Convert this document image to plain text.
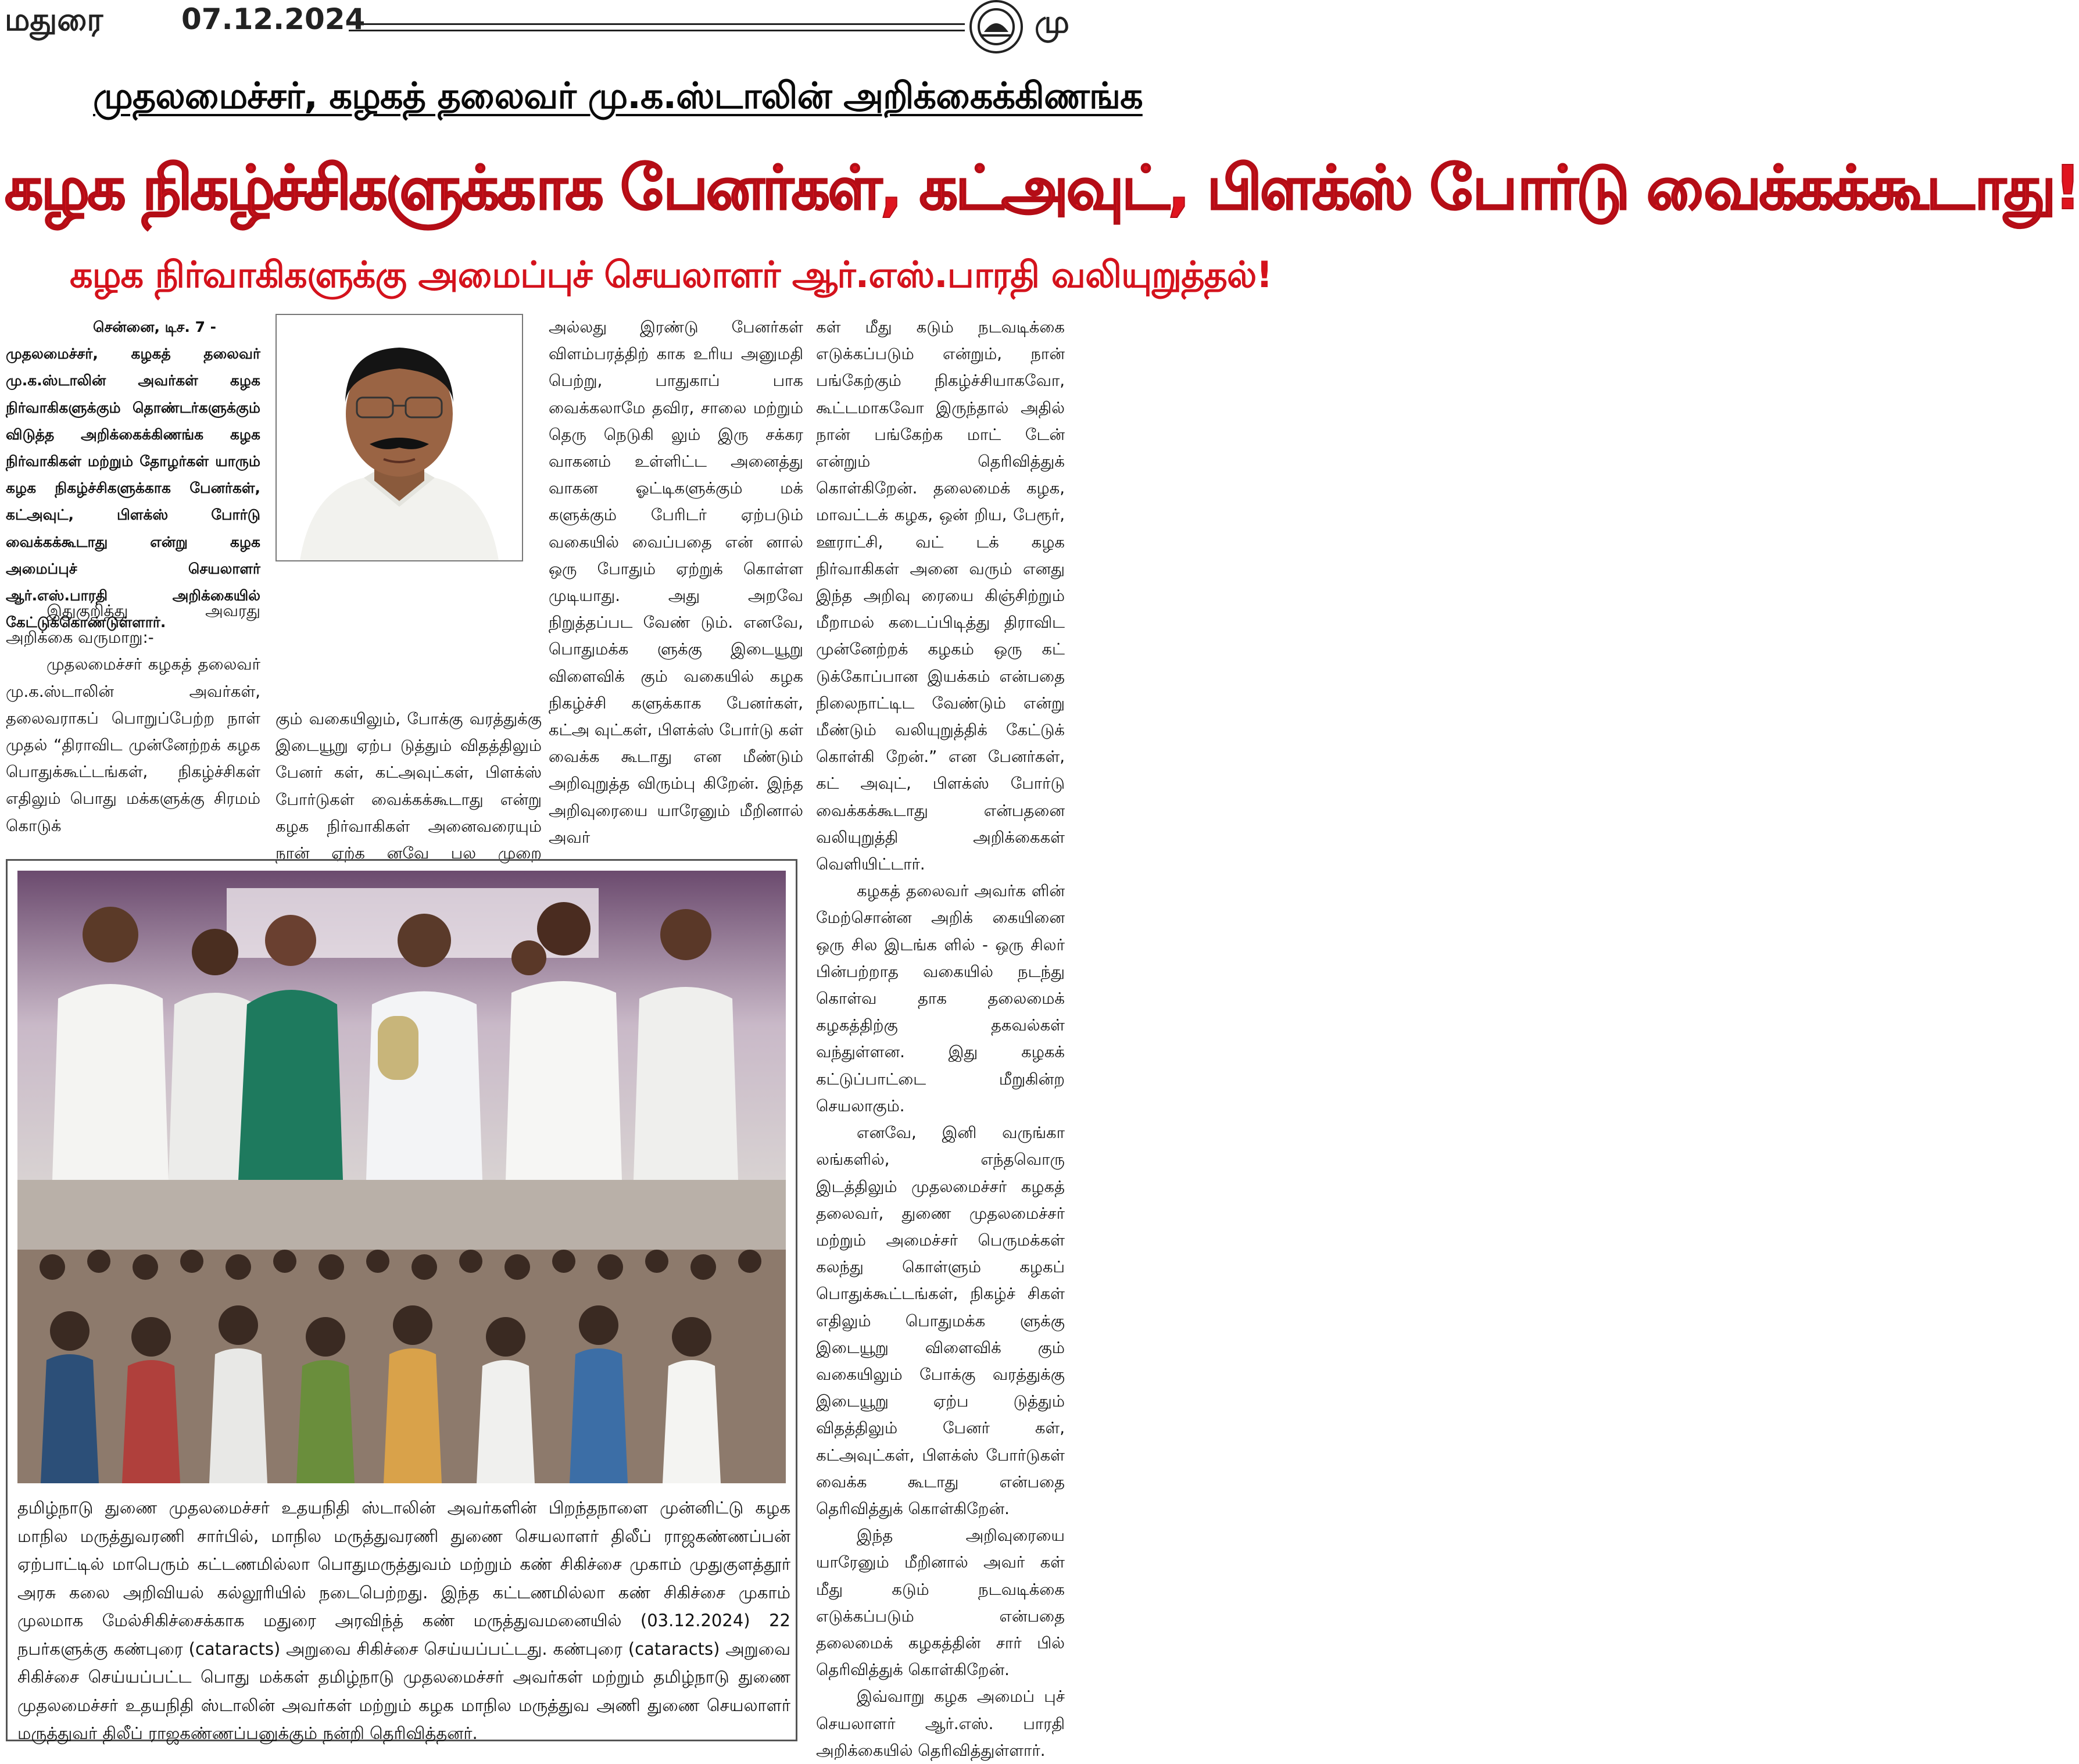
மதுரை	07.12.2024	மு
முதலமைச்சர், கழகத் தலைவர் மு.க.ஸ்டாலின் அறிக்கைக்கிணங்க
கழக நிகழ்ச்சிகளுக்காக பேனர்கள், கட்அவுட், பிளக்ஸ் போர்டு வைக்கக்கூடாது!
கழக நிர்வாகிகளுக்கு அமைப்புச் செயலாளர் ஆர்.எஸ்.பாரதி வலியுறுத்தல்!

சென்னை, டிச. 7 -

முதலமைச்சர், கழகத் தலைவர் மு.க.ஸ்டாலின் அவர்கள் கழக நிர்வாகிகளுக்கும் தொண்டர்களுக்கும் விடுத்த அறிக்கைக்கிணங்க கழக நிர்வாகிகள் மற்றும் தோழர்கள் யாரும் கழக நிகழ்ச்சிகளுக்காக பேனர்கள், கட்அவுட், பிளக்ஸ் போர்டு வைக்கக்கூடாது என்று கழக அமைப்புச் செயலாளர் ஆர்.எஸ்.பாரதி அறிக்கையில் கேட்டுக்கொண்டுள்ளார்.

இதுகுறித்து அவரது அறிக்கை வருமாறு:-

முதலமைச்சர் கழகத் தலைவர் மு.க.ஸ்டாலின் அவர்கள், தலைவராகப் பொறுப்பேற்ற நாள் முதல் “திராவிட முன்னேற்றக் கழக பொதுக்கூட்டங்கள், நிகழ்ச்சிகள் எதிலும் பொது மக்களுக்கு சிரமம் கொடுக்

கும் வகையிலும், போக்கு வரத்துக்கு இடையூறு ஏற்ப டுத்தும் விதத்திலும் பேனர் கள், கட்அவுட்கள், பிளக்ஸ் போர்டுகள் வைக்கக்கூடாது என்று கழக நிர்வாகிகள் அனைவரையும் நான் ஏற்க னவே பல முறை

அல்லது இரண்டு பேனர்கள் விளம்பரத்திற் காக உரிய அனுமதி பெற்று, பாதுகாப் பாக வைக்கலாமே தவிர, சாலை மற்றும் தெரு நெடுகி லும் இரு சக்கர வாகனம் உள்ளிட்ட அனைத்து வாகன ஓட்டிகளுக்கும் மக் களுக்கும் பேரிடர் ஏற்படும் வகையில் வைப்பதை என் னால் ஒரு போதும் ஏற்றுக் கொள்ள முடியாது. அது அறவே நிறுத்தப்பட வேண் டும். எனவே, பொதுமக்க ளுக்கு இடையூறு விளைவிக் கும் வகையில் கழக நிகழ்ச்சி களுக்காக பேனர்கள், கட்அ வுட்கள், பிளக்ஸ் போர்டு கள் வைக்க கூடாது என மீண்டும் அறிவுறுத்த விரும்பு கிறேன். இந்த அறிவுரையை யாரேனும் மீறினால் அவர்

கள் மீது கடும் நடவடிக்கை எடுக்கப்படும் என்றும், நான் பங்கேற்கும் நிகழ்ச்சியாகவோ, கூட்டமாகவோ இருந்தால் அதில் நான் பங்கேற்க மாட் டேன் என்றும் தெரிவித்துக் கொள்கிறேன். தலைமைக் கழக, மாவட்டக் கழக, ஒன் றிய, பேரூர், ஊராட்சி, வட் டக் கழக நிர்வாகிகள் அனை வரும் எனது இந்த அறிவு ரையை கிஞ்சிற்றும் மீறாமல் கடைப்பிடித்து திராவிட முன்னேற்றக் கழகம் ஒரு கட் டுக்கோப்பான இயக்கம் என்பதை நிலைநாட்டிட வேண்டும் என்று மீண்டும் வலியுறுத்திக் கேட்டுக் கொள்கி றேன்.” என பேனர்கள், கட் அவுட், பிளக்ஸ் போர்டு வைக்கக்கூடாது என்பதனை வலியுறுத்தி அறிக்கைகள் வெளியிட்டார்.

கழகத் தலைவர் அவர்க ளின் மேற்சொன்ன அறிக் கையினை ஒரு சில இடங்க ளில் - ஒரு சிலர் பின்பற்றாத வகையில் நடந்து கொள்வ தாக தலைமைக் கழகத்திற்கு தகவல்கள் வந்துள்ளன. இது கழகக் கட்டுப்பாட்டை மீறுகின்ற செயலாகும்.

எனவே, இனி வருங்கா லங்களில், எந்தவொரு இடத்திலும் முதலமைச்சர் கழகத் தலைவர், துணை முதலமைச்சர் மற்றும் அமைச்சர் பெருமக்கள் கலந்து கொள்ளும் கழகப் பொதுக்கூட்டங்கள், நிகழ்ச் சிகள் எதிலும் பொதுமக்க ளுக்கு இடையூறு விளைவிக் கும் வகையிலும் போக்கு வரத்துக்கு இடையூறு ஏற்ப டுத்தும் விதத்திலும் பேனர் கள், கட்அவுட்கள், பிளக்ஸ் போர்டுகள் வைக்க கூடாது என்பதை தெரிவித்துக் கொள்கிறேன்.

இந்த அறிவுரையை யாரேனும் மீறினால் அவர் கள் மீது கடும் நடவடிக்கை எடுக்கப்படும் என்பதை தலைமைக் கழகத்தின் சார் பில் தெரிவித்துக் கொள்கிறேன்.

இவ்வாறு கழக அமைப் புச் செயலாளர் ஆர்.எஸ். பாரதி அறிக்கையில் தெரிவித்துள்ளார்.

தமிழ்நாடு துணை முதலமைச்சர் உதயநிதி ஸ்டாலின் அவர்களின் பிறந்தநாளை முன்னிட்டு கழக மாநில மருத்துவரணி சார்பில், மாநில மருத்துவரணி துணை செயலாளர் திலீப் ராஜகண்ணப்பன் ஏற்பாட்டில் மாபெரும் கட்டணமில்லா பொதுமருத்துவம் மற்றும் கண் சிகிச்சை முகாம் முதுகுளத்தூர் அரசு கலை அறிவியல் கல்லூரியில் நடைபெற்றது. இந்த கட்டணமில்லா கண் சிகிச்சை முகாம் முலமாக மேல்சிகிச்சைக்காக மதுரை அரவிந்த் கண் மருத்துவமனையில் (03.12.2024) 22 நபர்களுக்கு கண்புரை (cataracts) அறுவை சிகிச்சை செய்யப்பட்டது. கண்புரை (cataracts) அறுவை சிகிச்சை செய்யப்பட்ட பொது மக்கள் தமிழ்நாடு முதலமைச்சர் அவர்கள் மற்றும் தமிழ்நாடு துணை முதலமைச்சர் உதயநிதி ஸ்டாலின் அவர்கள் மற்றும் கழக மாநில மருத்துவ அணி துணை செயலாளர் மருத்துவர் திலீப் ராஜகண்ணப்பனுக்கும் நன்றி தெரிவித்தனர்.
